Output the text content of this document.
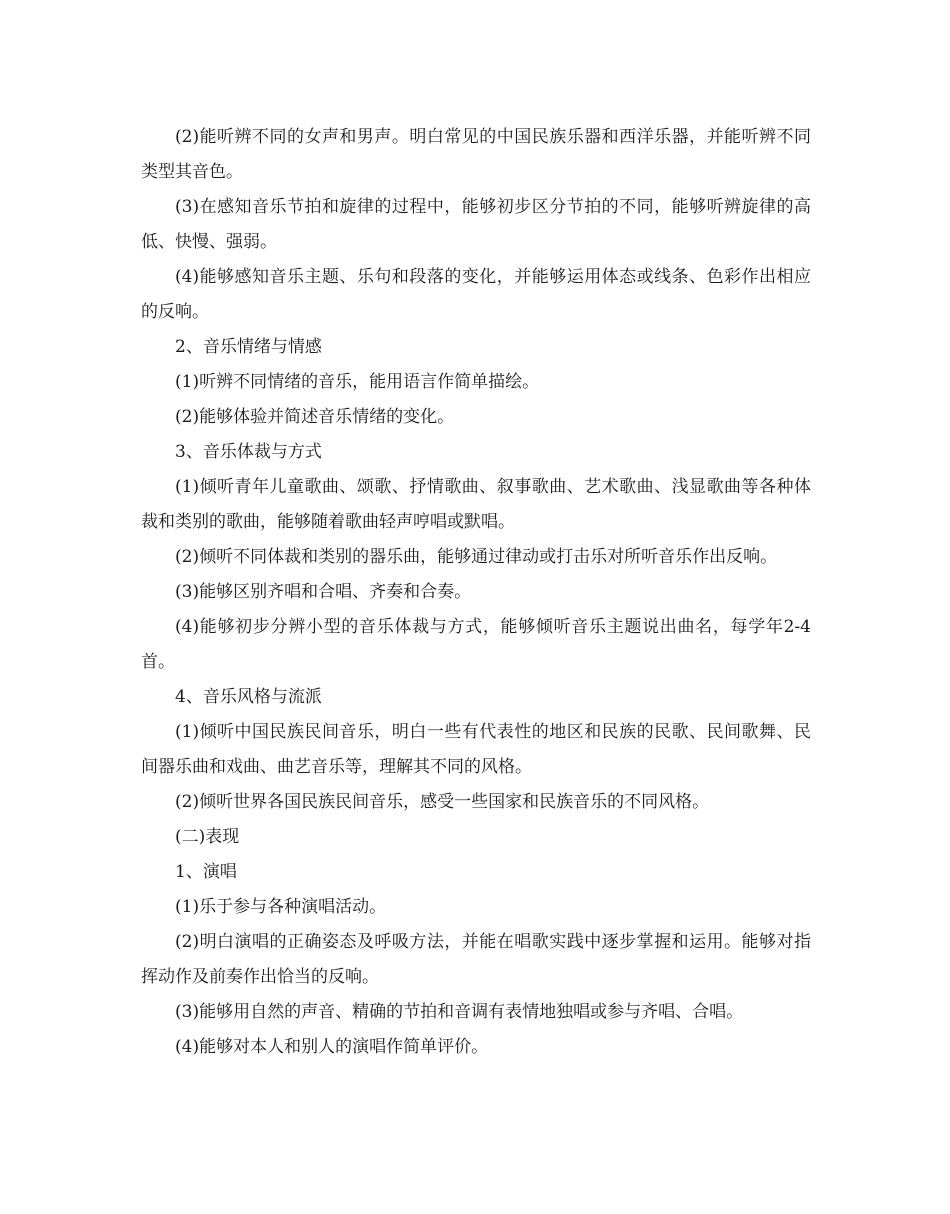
(2)能听辨不同的女声和男声。明白常见的中国民族乐器和西洋乐器，并能听辨不同类型其音色。

(3)在感知音乐节拍和旋律的过程中，能够初步区分节拍的不同，能够听辨旋律的高低、快慢、强弱。

(4)能够感知音乐主题、乐句和段落的变化，并能够运用体态或线条、色彩作出相应的反响。

2、音乐情绪与情感

(1)听辨不同情绪的音乐，能用语言作简单描绘。

(2)能够体验并简述音乐情绪的变化。

3、音乐体裁与方式

(1)倾听青年儿童歌曲、颂歌、抒情歌曲、叙事歌曲、艺术歌曲、浅显歌曲等各种体裁和类别的歌曲，能够随着歌曲轻声哼唱或默唱。

(2)倾听不同体裁和类别的器乐曲，能够通过律动或打击乐对所听音乐作出反响。

(3)能够区别齐唱和合唱、齐奏和合奏。

(4)能够初步分辨小型的音乐体裁与方式，能够倾听音乐主题说出曲名，每学年2-4首。

4、音乐风格与流派

(1)倾听中国民族民间音乐，明白一些有代表性的地区和民族的民歌、民间歌舞、民间器乐曲和戏曲、曲艺音乐等，理解其不同的风格。

(2)倾听世界各国民族民间音乐，感受一些国家和民族音乐的不同风格。

(二)表现

1、演唱

(1)乐于参与各种演唱活动。

(2)明白演唱的正确姿态及呼吸方法，并能在唱歌实践中逐步掌握和运用。能够对指挥动作及前奏作出恰当的反响。

(3)能够用自然的声音、精确的节拍和音调有表情地独唱或参与齐唱、合唱。

(4)能够对本人和别人的演唱作简单评价。
